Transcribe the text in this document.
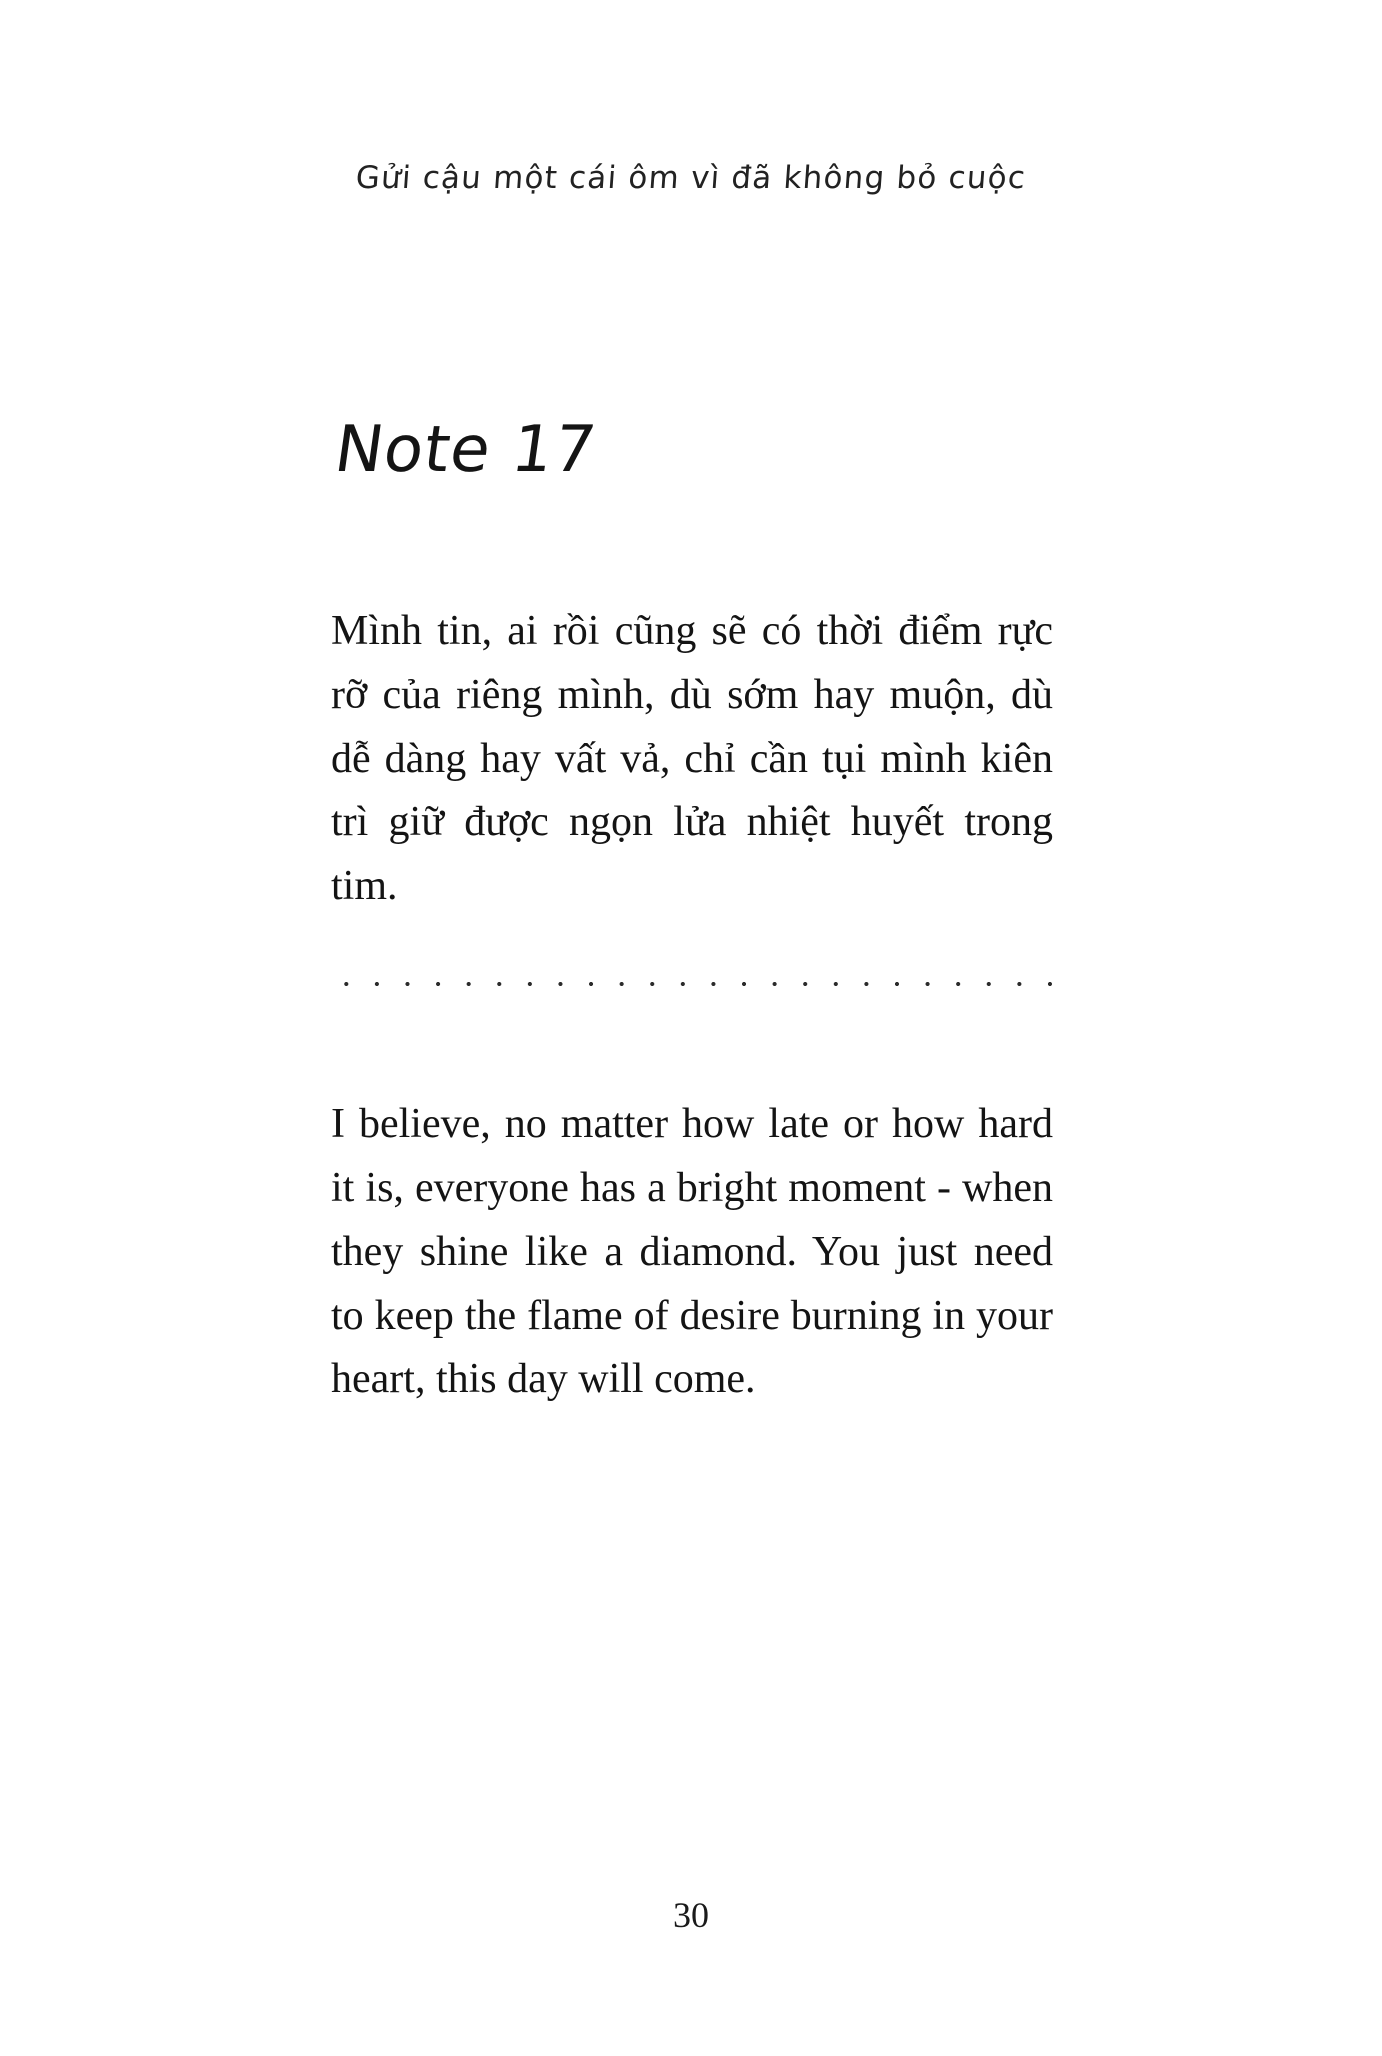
Gửi cậu một cái ôm vì đã không bỏ cuộc
Note 17

Mình tin, ai rồi cũng sẽ có thời điểm rực rỡ của riêng mình, dù sớm hay muộn, dù dễ dàng hay vất vả, chỉ cần tụi mình kiên trì giữ được ngọn lửa nhiệt huyết trong tim.

I believe, no matter how late or how hard it is, everyone has a bright moment - when they shine like a diamond. You just need to keep the flame of desire burning in your heart, this day will come.

30
